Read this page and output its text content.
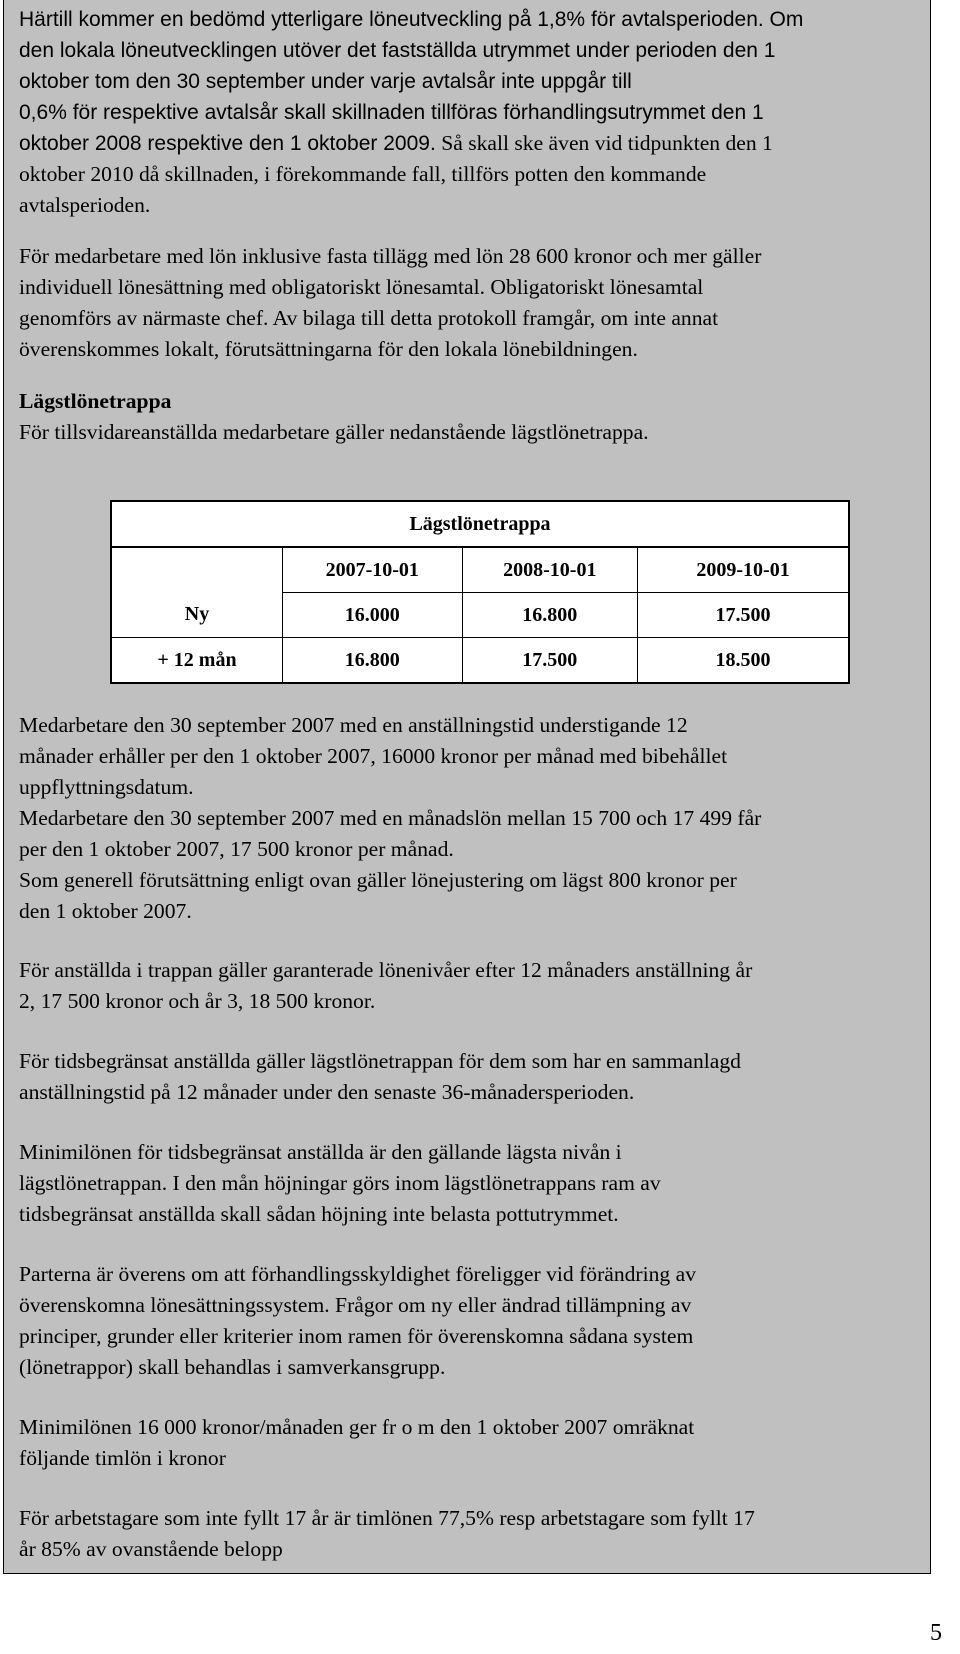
Härtill kommer en bedömd ytterligare löneutveckling på 1,8% för avtalsperioden. Om
den lokala löneutvecklingen utöver det fastställda utrymmet under perioden den 1
oktober tom den 30 september under varje avtalsår inte uppgår till
0,6% för respektive avtalsår skall skillnaden tillföras förhandlingsutrymmet den 1
oktober 2008 respektive den 1 oktober 2009. Så skall ske även vid tidpunkten den 1
oktober 2010 då skillnaden, i förekommande fall, tillförs potten den kommande
avtalsperioden.
För medarbetare med lön inklusive fasta tillägg med lön 28 600 kronor och mer gäller
individuell lönesättning med obligatoriskt lönesamtal. Obligatoriskt lönesamtal
genomförs av närmaste chef. Av bilaga till detta protokoll framgår, om inte annat
överenskommes lokalt, förutsättningarna för den lokala lönebildningen.
Lägstlönetrappa
För tillsvidareanställda medarbetare gäller nedanstående lägstlönetrappa.
Lägstlönetrappa			
	2007-10-01	2008-10-01	2009-10-01
Ny	16.000	16.800	17.500
+ 12 mån	16.800	17.500	18.500
Medarbetare den 30 september 2007 med en anställningstid understigande 12
månader erhåller per den 1 oktober 2007, 16000 kronor per månad med bibehållet
uppflyttningsdatum.
Medarbetare den 30 september 2007 med en månadslön mellan 15 700 och 17 499 får
per den 1 oktober 2007, 17 500 kronor per månad.
Som generell förutsättning enligt ovan gäller lönejustering om lägst 800 kronor per
den 1 oktober 2007.
För anställda i trappan gäller garanterade lönenivåer efter 12 månaders anställning år
2, 17 500 kronor och år 3, 18 500 kronor.
För tidsbegränsat anställda gäller lägstlönetrappan för dem som har en sammanlagd
anställningstid på 12 månader under den senaste 36-månadersperioden.
Minimilönen för tidsbegränsat anställda är den gällande lägsta nivån i
lägstlönetrappan. I den mån höjningar görs inom lägstlönetrappans ram av
tidsbegränsat anställda skall sådan höjning inte belasta pottutrymmet.
Parterna är överens om att förhandlingsskyldighet föreligger vid förändring av
överenskomna lönesättningssystem. Frågor om ny eller ändrad tillämpning av
principer, grunder eller kriterier inom ramen för överenskomna sådana system
(lönetrappor) skall behandlas i samverkansgrupp.
Minimilönen 16 000 kronor/månaden ger fr o m den 1 oktober 2007 omräknat
följande timlön i kronor
För arbetstagare som inte fyllt 17 år är timlönen 77,5% resp arbetstagare som fyllt 17
år 85% av ovanstående belopp
5
